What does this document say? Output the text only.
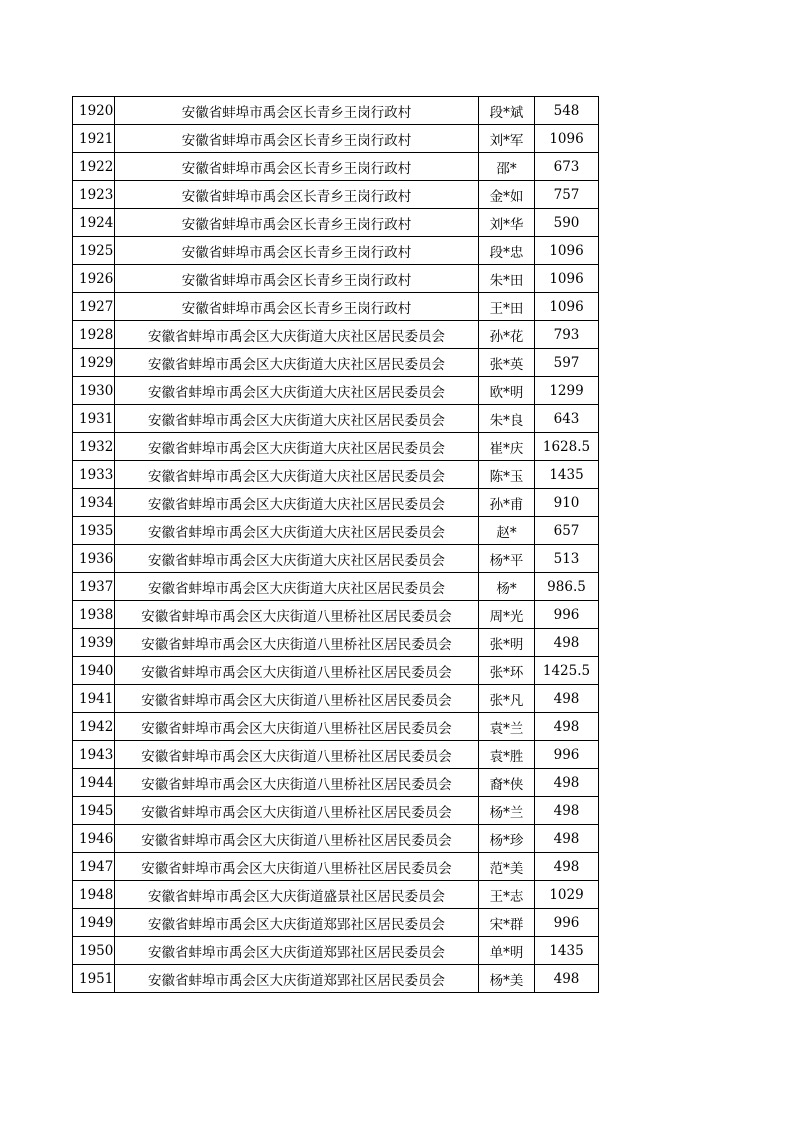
1920	安徽省蚌埠市禹会区长青乡王岗行政村	段*斌	548
1921	安徽省蚌埠市禹会区长青乡王岗行政村	刘*军	1096
1922	安徽省蚌埠市禹会区长青乡王岗行政村	邵*	673
1923	安徽省蚌埠市禹会区长青乡王岗行政村	金*如	757
1924	安徽省蚌埠市禹会区长青乡王岗行政村	刘*华	590
1925	安徽省蚌埠市禹会区长青乡王岗行政村	段*忠	1096
1926	安徽省蚌埠市禹会区长青乡王岗行政村	朱*田	1096
1927	安徽省蚌埠市禹会区长青乡王岗行政村	王*田	1096
1928	安徽省蚌埠市禹会区大庆街道大庆社区居民委员会	孙*花	793
1929	安徽省蚌埠市禹会区大庆街道大庆社区居民委员会	张*英	597
1930	安徽省蚌埠市禹会区大庆街道大庆社区居民委员会	欧*明	1299
1931	安徽省蚌埠市禹会区大庆街道大庆社区居民委员会	朱*良	643
1932	安徽省蚌埠市禹会区大庆街道大庆社区居民委员会	崔*庆	1628.5
1933	安徽省蚌埠市禹会区大庆街道大庆社区居民委员会	陈*玉	1435
1934	安徽省蚌埠市禹会区大庆街道大庆社区居民委员会	孙*甫	910
1935	安徽省蚌埠市禹会区大庆街道大庆社区居民委员会	赵*	657
1936	安徽省蚌埠市禹会区大庆街道大庆社区居民委员会	杨*平	513
1937	安徽省蚌埠市禹会区大庆街道大庆社区居民委员会	杨*	986.5
1938	安徽省蚌埠市禹会区大庆街道八里桥社区居民委员会	周*光	996
1939	安徽省蚌埠市禹会区大庆街道八里桥社区居民委员会	张*明	498
1940	安徽省蚌埠市禹会区大庆街道八里桥社区居民委员会	张*环	1425.5
1941	安徽省蚌埠市禹会区大庆街道八里桥社区居民委员会	张*凡	498
1942	安徽省蚌埠市禹会区大庆街道八里桥社区居民委员会	袁*兰	498
1943	安徽省蚌埠市禹会区大庆街道八里桥社区居民委员会	袁*胜	996
1944	安徽省蚌埠市禹会区大庆街道八里桥社区居民委员会	裔*侠	498
1945	安徽省蚌埠市禹会区大庆街道八里桥社区居民委员会	杨*兰	498
1946	安徽省蚌埠市禹会区大庆街道八里桥社区居民委员会	杨*珍	498
1947	安徽省蚌埠市禹会区大庆街道八里桥社区居民委员会	范*美	498
1948	安徽省蚌埠市禹会区大庆街道盛景社区居民委员会	王*志	1029
1949	安徽省蚌埠市禹会区大庆街道郑郢社区居民委员会	宋*群	996
1950	安徽省蚌埠市禹会区大庆街道郑郢社区居民委员会	单*明	1435
1951	安徽省蚌埠市禹会区大庆街道郑郢社区居民委员会	杨*美	498
